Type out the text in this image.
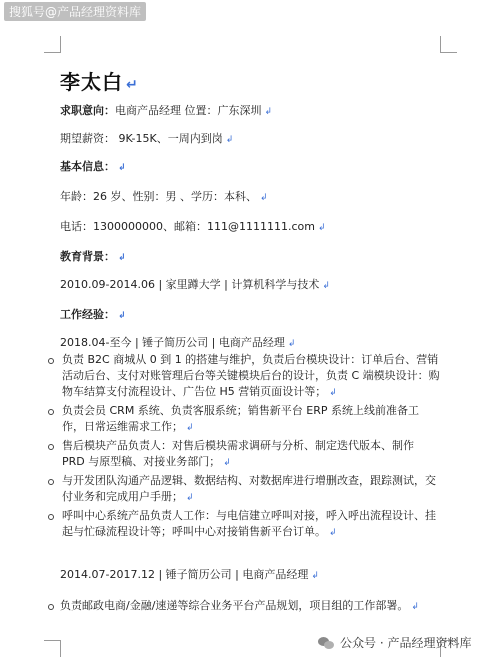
搜狐号@产品经理资料库
李太白 ↵
求职意向：电商产品经理 位置：广东深圳 ↲
期望薪资： 9K-15K、一周内到岗 ↲
基本信息： ↲
年龄：26 岁、性别：男 、学历：本科、 ↲
电话：1300000000、邮箱：111@1111111.com ↲
教育背景： ↲
2010.09-2014.06 | 家里蹲大学 | 计算机科学与技术 ↲
工作经验： ↲
2018.04-至今 | 锤子简历公司 | 电商产品经理 ↲
负责 B2C 商城从 0 到 1 的搭建与维护，负责后台模块设计：订单后台、营销活动后台、支付对账管理后台等关键模块后台的设计，负责 C 端模块设计：购物车结算支付流程设计、广告位 H5 营销页面设计等； ↲
负责会员 CRM 系统、负责客服系统；销售新平台 ERP 系统上线前准备工作，日常运维需求工作； ↲
售后模块产品负责人：对售后模块需求调研与分析、制定迭代版本、制作 PRD 与原型稿、对接业务部门； ↲
与开发团队沟通产品逻辑、数据结构、对数据库进行增删改查，跟踪测试，交付业务和完成用户手册； ↲
呼叫中心系统产品负责人工作：与电信建立呼叫对接，呼入呼出流程设计、挂起与忙碌流程设计等；呼叫中心对接销售新平台订单。 ↲
2014.07-2017.12 | 锤子简历公司 | 电商产品经理 ↲
负责邮政电商/金融/速递等综合业务平台产品规划，项目组的工作部署。 ↲
公众号 · 产品经理资料库
